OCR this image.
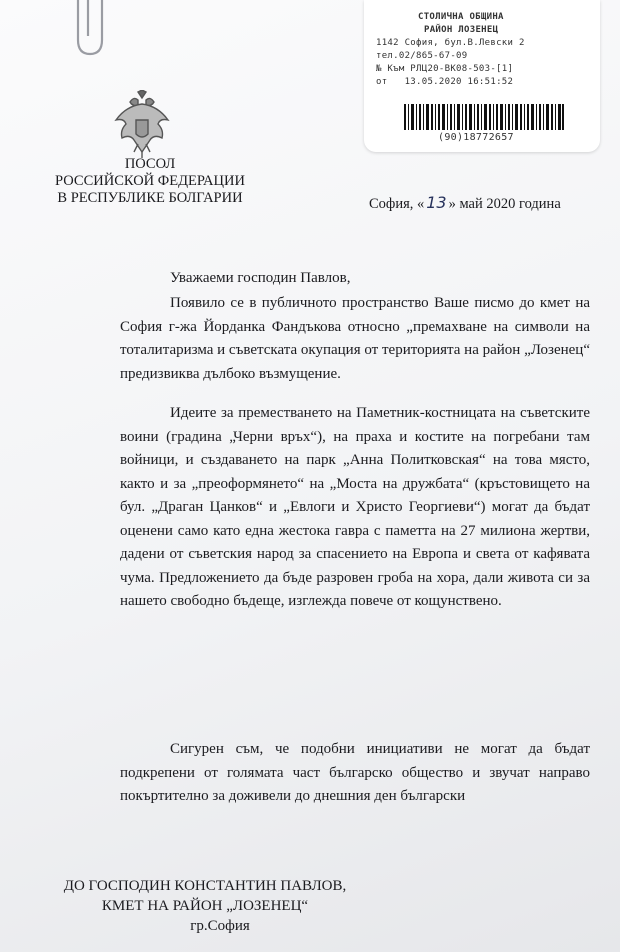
СТОЛИЧНА ОБЩИНА
РАЙОН ЛОЗЕНЕЦ
1142 София, бул.В.Левски 2
тел.02/865-67-09
№ Към РЛЦ20-ВК08-503-[1]
от   13.05.2020 16:51:52
(90)18772657
ПОСОЛ
РОССИЙСКОЙ ФЕДЕРАЦИИ
В РЕСПУБЛИКЕ БОЛГАРИИ	София, « 13 » май 2020 година
Уважаеми господин Павлов,
Появило се в публичното пространство Ваше писмо до кмет на София г-жа Йорданка Фандъкова относно „премахване на символи на тоталитаризма и съветската окупация от територията на район „Лозенец“ предизвиква дълбоко възмущение.
Идеите за преместването на Паметник-костницата на съветските воини (градина „Черни връх“), на праха и костите на погребани там войници, и създаването на парк „Анна Политковская“ на това място, както и за „преоформянето“ на „Моста на дружбата“ (кръстовището на бул. „Драган Цанков“ и „Евлоги и Христо Георгиеви“) могат да бъдат оценени само като една жестока гавра с паметта на 27 милиона жертви, дадени от съветския народ за спасението на Европа и света от кафявата чума. Предложението да бъде разровен гроба на хора, дали живота си за нашето свободно бъдеще, изглежда повече от кощунствено.
Сигурен съм, че подобни инициативи не могат да бъдат подкрепени от голямата част българско общество и звучат направо покъртително за доживели до днешния ден български
ДО ГОСПОДИН КОНСТАНТИН ПАВЛОВ,
КМЕТ НА РАЙОН „ЛОЗЕНЕЦ“
гр.София
